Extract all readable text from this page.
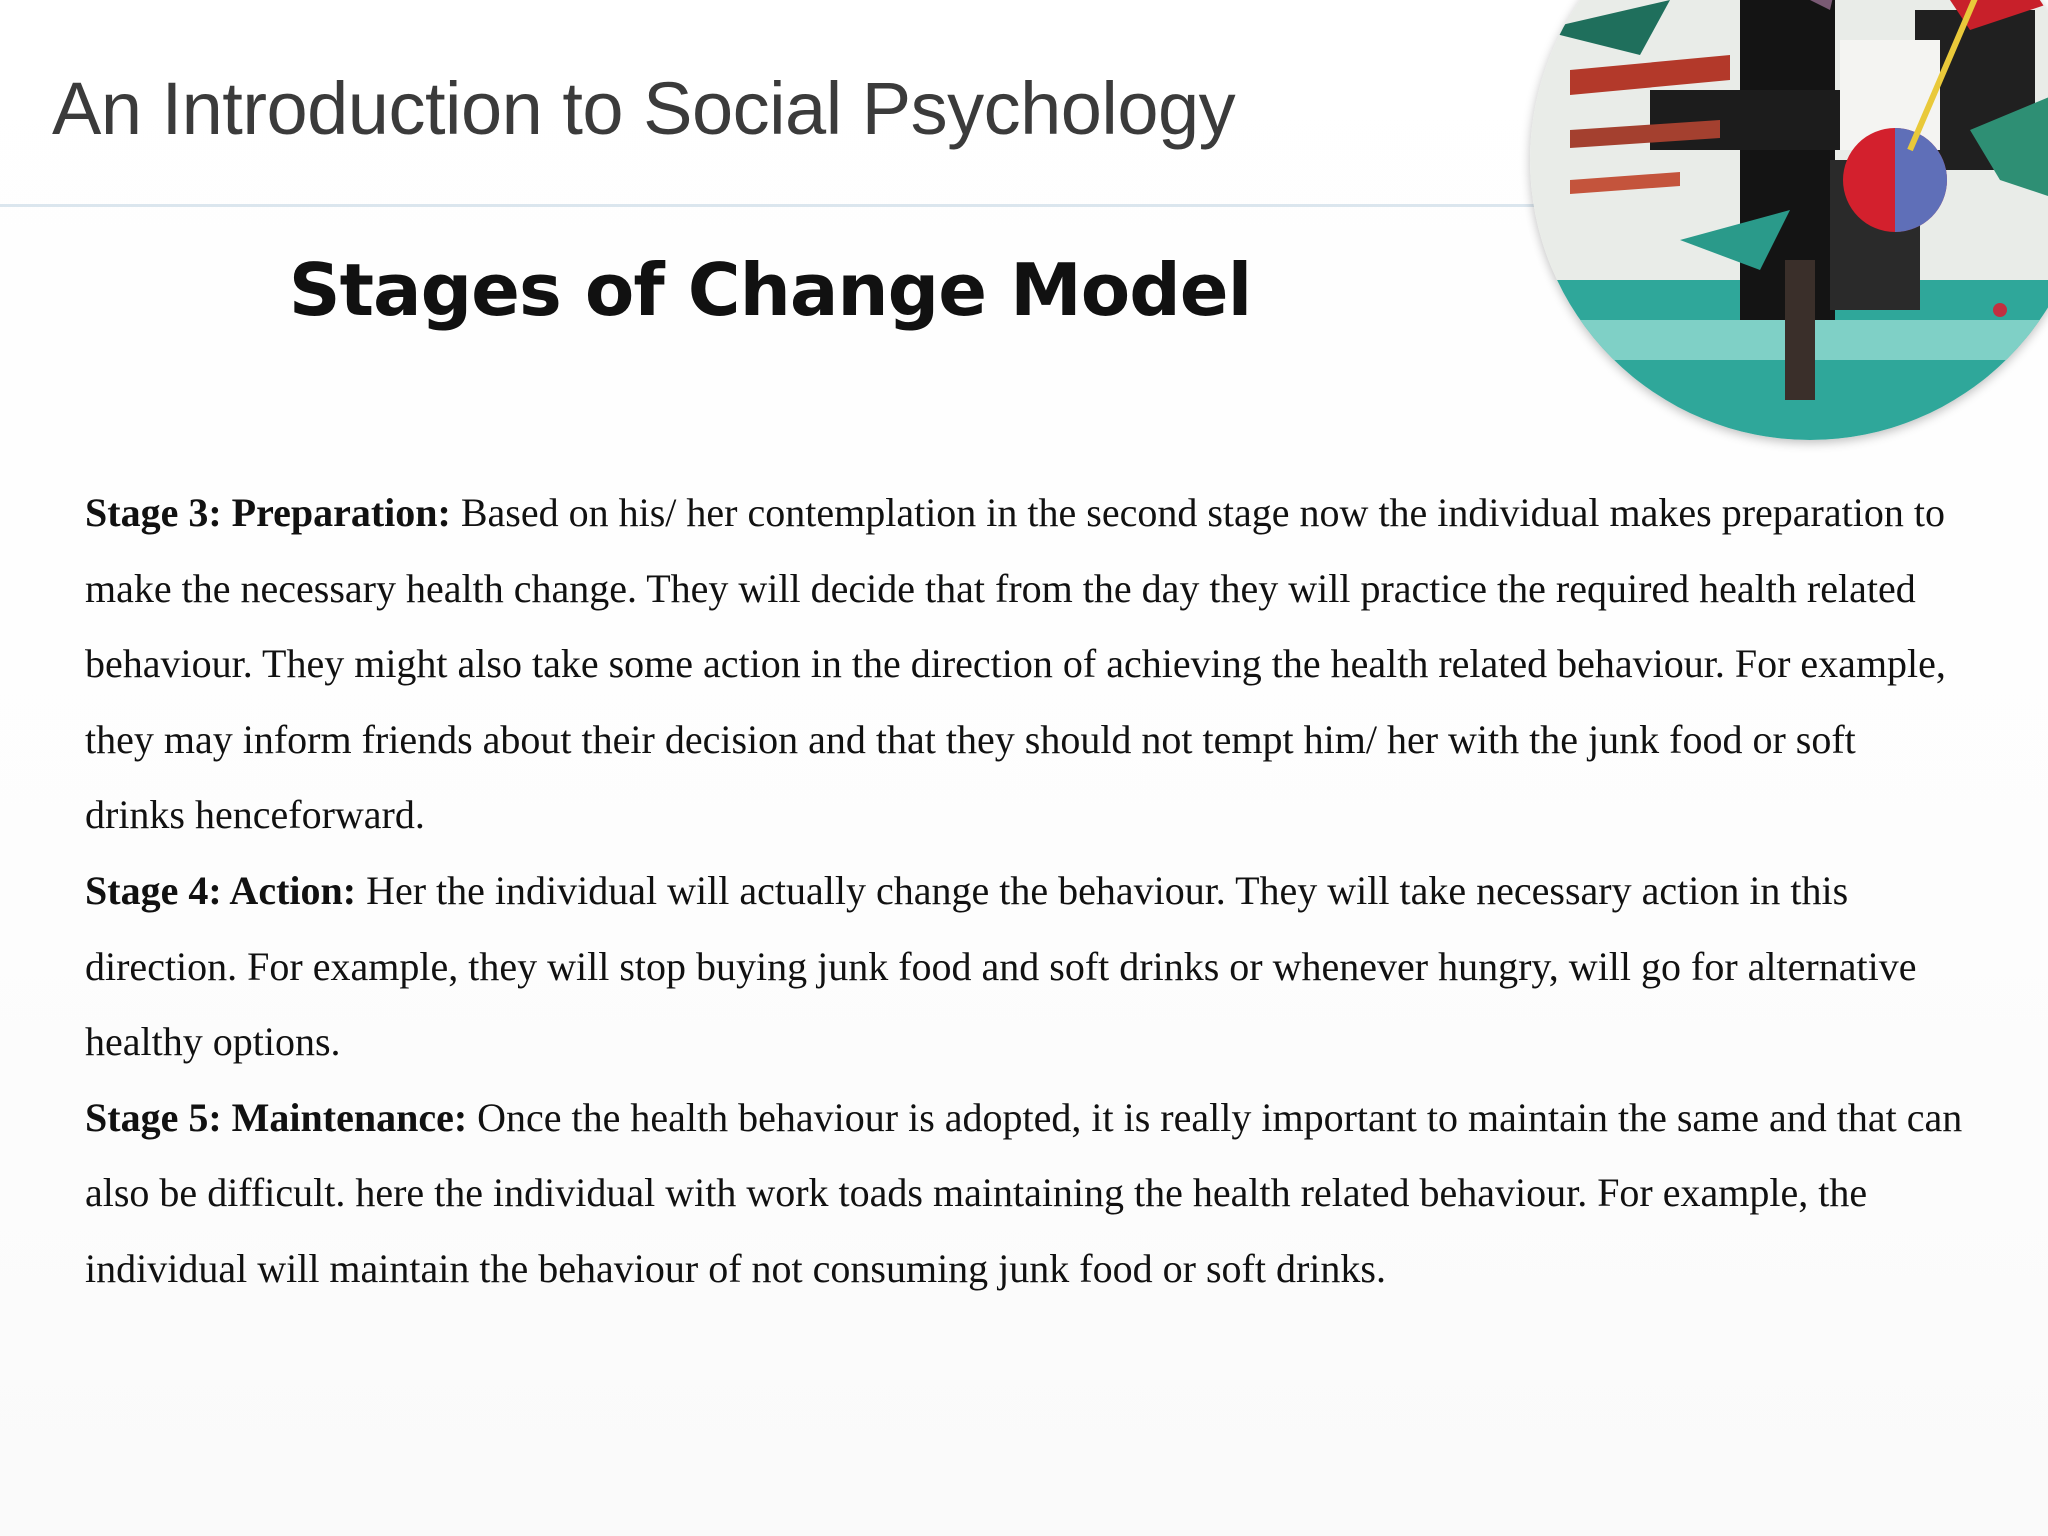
An Introduction to Social Psychology
Stages of Change Model

Stage 3: Preparation: Based on his/ her contemplation in the second stage now the individual makes preparation to make the necessary health change. They will decide that from the day they will practice the required health related behaviour. They might also take some action in the direction of achieving the health related behaviour. For example, they may inform friends about their decision and that they should not tempt him/ her with the junk food or soft drinks henceforward.

Stage 4: Action: Her the individual will actually change the behaviour. They will take necessary action in this direction. For example, they will stop buying junk food and soft drinks or whenever hungry, will go for alternative healthy options.

Stage 5: Maintenance: Once the health behaviour is adopted, it is really important to maintain the same and that can also be difficult. here the individual with work toads maintaining the health related behaviour. For example, the individual will maintain the behaviour of not consuming junk food or soft drinks.
